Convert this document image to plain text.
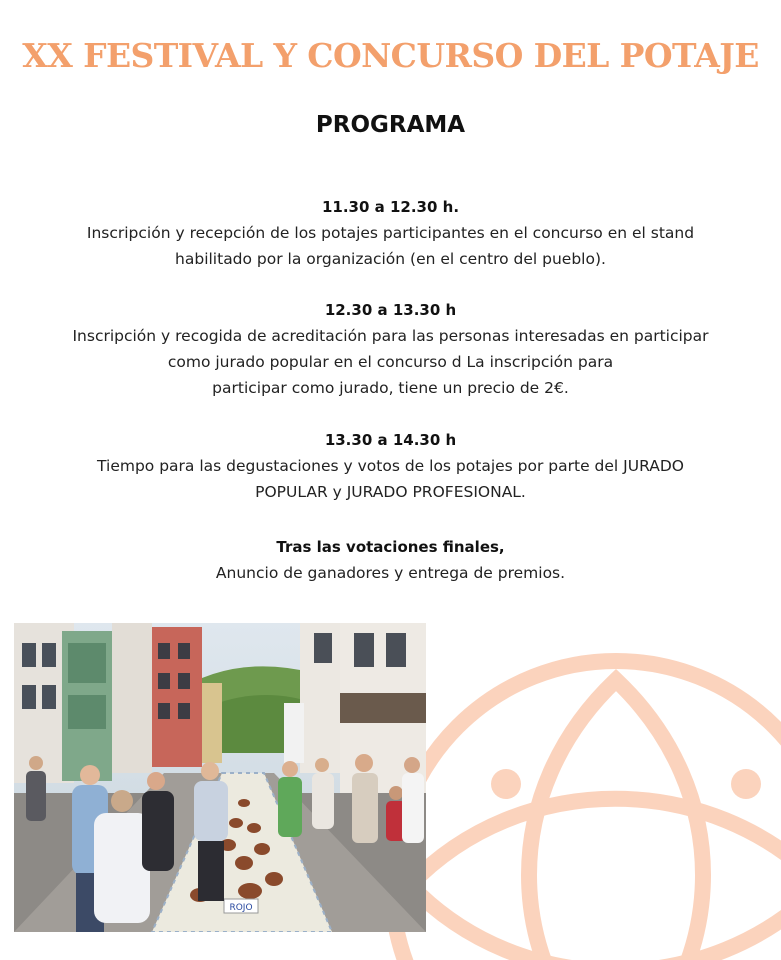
XX FESTIVAL Y CONCURSO DEL POTAJE
PROGRAMA
11.30 a 12.30 h.
Inscripción y recepción de los potajes participantes en el concurso en el stand
habilitado por la organización (en el centro del pueblo).
12.30 a 13.30 h
Inscripción y recogida de acreditación para las personas interesadas en participar
como jurado popular en el concurso d La inscripción para
participar como jurado, tiene un precio de 2€.
13.30 a 14.30 h
Tiempo para las degustaciones y votos de los potajes por parte del JURADO
POPULAR y JURADO PROFESIONAL.
Tras las votaciones finales,
Anuncio de ganadores y entrega de premios.
ROJO
